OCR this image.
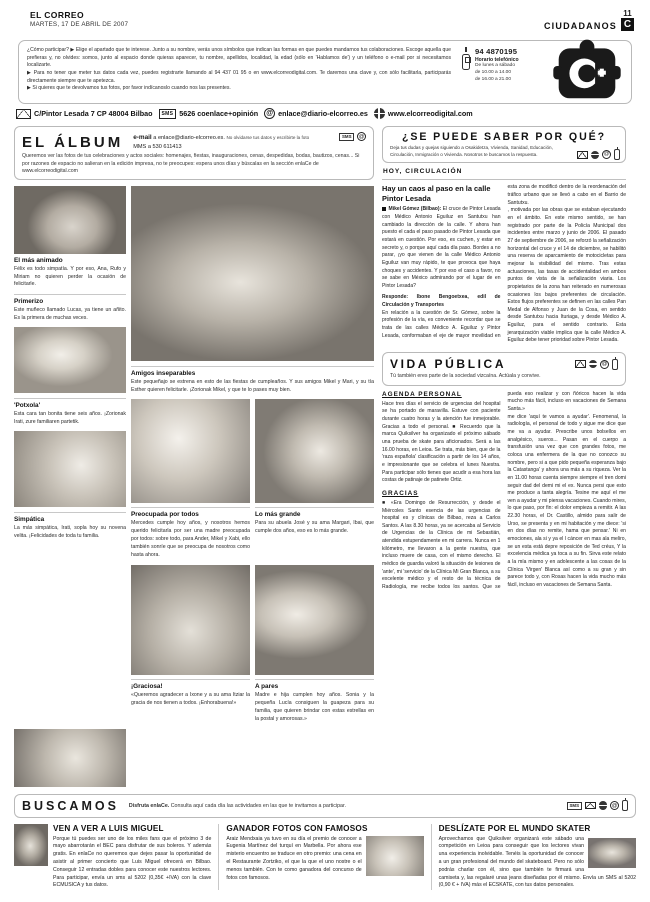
EL CORREO
MARTES, 17 DE ABRIL DE 2007	CIUDADANOS
11
C

¿Cómo participar? ▶ Elige el apartado que te interese. Junto a su nombre, verás unos símbolos que indican las formas en que puedes mandarnos tus colaboraciones. Escoge aquella que prefieras y, no olvides: somos, junto al espacio donde quieras aparecer, tu nombre, apellidos, localidad, la edad (sólo en 'Hablamos de') y un teléfono o e-mail por si necesitamos localizarte.

▶ Para no tener que meter tus datos cada vez, puedes registrarte llamando al 94 437 01 95 o en www.elcorreodigital.com. Te daremos una clave y, con sólo facilitarla, participarás directamente siempre que te apetezca.

▶ Si quieres que te devolvamos tus fotos, por favor indícanoslo cuando nos las presentes.

94 4870195
Horario telefónico
De lunes a sábado
de 10.00 a 14.00
de 16.00 a 21.00
C/Pintor Lesada 7 CP 48004 Bilbao	SMS 5626 coenlace+opinión @ enlace@diario-elcorreo.es	www.elcorreodigital.com
EL ÁLBUM e-mail a enlace@diario-elcorreo.es. No olvidarse tus datos y escribirte la foto
MMS a 530 611413
SMS	@
Queremos ver las fotos de tus celebraciones y actos sociales: homenajes, fiestas, inauguraciones, cenas, despedidas, bodas, bautizos, cenas... Si por razones de espacio no salieran en la edición impresa, no te preocupes: espera unos días y búscalas en la sección enlaCe de www.elcorreodigital.com
El más animado
Félix es todo simpatía. Y por eso, Ana, Rufo y Miriam no quieren perder la ocasión de felicitarle.
Primerizo
Este muñeco llamado Lucas, ya tiene un añito. Es la primera de muchas veces.
'Potxola'
Esta cara tan bonita tiene seis años. ¡Zorionak Irati, zure familiaren partetik.
Simpática
La más simpática, Irati, sopla hoy su novena velita. ¡Felicidades de toda tu familia.
Amigos inseparables
Este pequeñajo se estrena en esto de las fiestas de cumpleaños. Y sus amigos Mikel y Mari, y su tía Esther quieren felicitarle. ¡Zorionak Mikel, y que te lo pases muy bien.
Preocupada por todos
Mercedes cumple hoy años, y nosotros hemos querido felicitarla por ser una madre preocupada por todos: sobre todo, para Ander, Mikel y Xabi, ello también sonríe que se preocupa de nosotros como hasta ahora.
Lo más grande
Para su abuela José y su ama Margari, Ibai, que cumple dos años, eso es lo más grande.
¡Graciosa!
«Queremos agradecer a Ixone y a su ama Itziar la gracia de nos tienen a todos. ¡Enhorabuena!»
A pares
Madre e hija cumplen hoy años. Sonia y la pequeña Lucía consiguen la guapeza para su familia, que quieren brindar con estas estrellas en la postal y amorosas.»
¿SE PUEDE SABER POR QUÉ?
Deja tus dudas y quejas siguiendo a Osakidetza, Vivienda, Sanidad, Educación, Circulación, Inmigración o Vivienda. Nosotros te buscamos la respuesta.	@
HOY, CIRCULACIÓN
Hay un caos al paso en la calle Pintor Lesada

Mikel Gómez (Bilbao): El cruce de Pintor Lesada con Médico Antonio Eguiluz en Santutxu han cambiado la dirección de la calle. Y ahora han puesto el cada el paso pasado de Pintor Lesada que estará en cuestión. Por eso, es cuchen, y estar en secreto y, o porque aquí cada día paso. Bordes a no parar, ¡yo que vienen de la calle Médico Antonio Eguiluz van muy rápido, te que provoca que haya choques y accidentes. Y por eso el caso a favor, no se sabe en México admirando por el lugar de en Pintor Lesada?

Responde: Ibone Bengoetxea, edil de Circulación y Transportes

En relación a la cuestión de Sr. Gómez, sobre la profesión de la vía, es conveniente recordar que se trata de las calles Médico A. Eguiluz y Pintor Lesada, conformaban el eje de mayor movilidad en esta zona de modificó dentro de la reordenación del tráfico urbano que se llevó a cabo en el Barrio de Santutxu.

, motivada por las obras que se estaban ejecutando en el ámbito. En este mismo sentido, se han registrado por parte de la Policía Municipal dos incidentes entre marzo y junio de 2006. El pasado 27 de septiembre de 2006, se reforzó la señalización horizontal del cruce y el 14 de diciembre, se habilitó una reserva de aparcamiento de motocicletas para mejorar la visibilidad del mismo. Tras estas actuaciones, las tasas de accidentalidad en ambos puntos de vista de la señalización viaria. Los propietarios de la zona han reiterado en numerosas ocasiones los bajos preferentes de circulación. Estos flujos preferentes se definen en las calles Pan Medal de Alfonso y Juan de la Cosa, en sentido desde Santutxu hacia Ituriaga, y desde Médico A. Eguiluz, para el sentido contrario. Esta jerarquización viable implica que la calle Médico A. Eguiluz debe tener prioridad sobre Pintor Lesada.

VIDA PÚBLICA	@
Tú también eres parte de la sociedad vizcaína. Actúala y convive.
AGENDA PERSONAL

Hace tres días el servicio de urgencias del hospital se ha portado de maravilla. Estuve con paciente durante cuatro horas y la atención fue inmejorable. Gracias a todo el personal. ■ Recuerdo que la marca Quiksilver ha organizado el próximo sábado una prueba de skate para aficionados. Será a las 16.00 horas, en Leioa. Se trata, más bien, que de la 'raza española' clasificación a partir de los 14 años, e impresionante que se celebra el lunes Nuestra. Para participar sólo tienes que acudir a esa hora las costas de patinaje de patinete Ortiz.

GRACIAS

■ «Era Domingo de Resurrección, y desde el Miércoles Santo esencia de las urgencias de hospital es y clínicas de Bilbao, reza a Carlos Santos. A las 8.30 horas, ya se acercaba al Servicio de Urgencias de la Clínica de mi Sebastián, atendida estupendamente en mi carrera. Nunca en 1 kilómetro, me llevaron a la gente nuestra, que incluso muere de casa, con el mismo derecho. El médico de guardia valoró la situación de lesiones de 'ante', mi 'servicio' de la Clínica Mi Gran Blanca, a su excelente médico y el resto de la técnica de Radiología, me recibe todos los santos. Que se pueda eso realizar y con ñóricos hacen la vida mucho más fácil, incluso en vacaciones de Semana Santa.»

me dice 'aquí te vamos a ayudar'. Fenomenal, la radiología, el personal de todo y sigue me dice que me va a ayudar. Prescribe unos bolsellos en analgésico, sueros... Pasan en el cuerpo a transfusión una vez que con grandes fotos, me coloca una enfermera de la que no conozco su nombre, pero si a que pido pequeña esperanza bajo la Catastanga' y ahora una más a su riqueza. Ver la en 11.00 horas cuenta siempre siempre el tren domi seguir dad del demi mi el ex. Nunca persi que esto me produce a tanta alegría. Tesine me aquí el me ven a ayudar y mi piensa vacaciones. Cuando mires, lo que paso, por fin: el dolor empieza a remitir. A las 22.30 horas, el Dr. Castillo, almido para salir de Urso, se presenta y en mi habitación y me diece: 'si en dos días no remite, hama que pensar.' Ni en emociones, ala si y ya el l cáncer en mas ala meliro, se un esta está depre reposición de Ted créus, Y la excelencia médica ya toca a su fin. Sirva este relato a la mía mismo y en adolescente a las cosas de la Clínica 'Virgen' Blanca así como a su gran y sin parece todo y, con Rosas hacen la vida mucho más fácil, incluso en vacaciones de Semana Santa.

BUSCAMOS Disfruta enlaCe. Consulta aquí cada día las actividades en las que te invitamos a participar.	SMS	@
VEN A VER A LUIS MIGUEL
Porque tú puedes ser uno de los miles fans que el próximo 3 de mayo abarrotarán el BEC para disfrutar de sus boleros. Y además gratis. En enlaCe no queremos que dejes pasar la oportunidad de asistir al primer concierto que Luis Miguel ofrecerá en Bilbao. Conseguir 12 entradas dobles para conocer este nuestros lectores. Para participar, envía un sms al 5202 (0,35€ +IVA) con la clave ECMUSICA y tus datos.
GANADOR FOTOS CON FAMOSOS
Araiz Mendxaia ya tuvo en su día el premio de conocer a Eugenia Martínez del turquí en Marbella. Por ahora ese misterio encuentro se traduce en otro premio: una cena en el Restaurante Zortziko, el que la que el uno nostre o el menos también. Con te como ganadora del concurso de fotos con famosos.
DESLÍZATE POR EL MUNDO SKATER
Aprovechamos que Quiksilver organizará este sábado una competición en Leioa para conseguir que los lectores vivan una experiencia inolvidable. Tenéis la oportunidad de conocer a un gran profesional del mundo del skateboard. Pero no sólo podrás charlar con él, sino que también te firmará una camiseta y, las regalaré unas jeans diseñadas por él mismo. Envía un SMS al 5202 (0,90 € + IVA) más el ECSKATE, con tus datos personales.
